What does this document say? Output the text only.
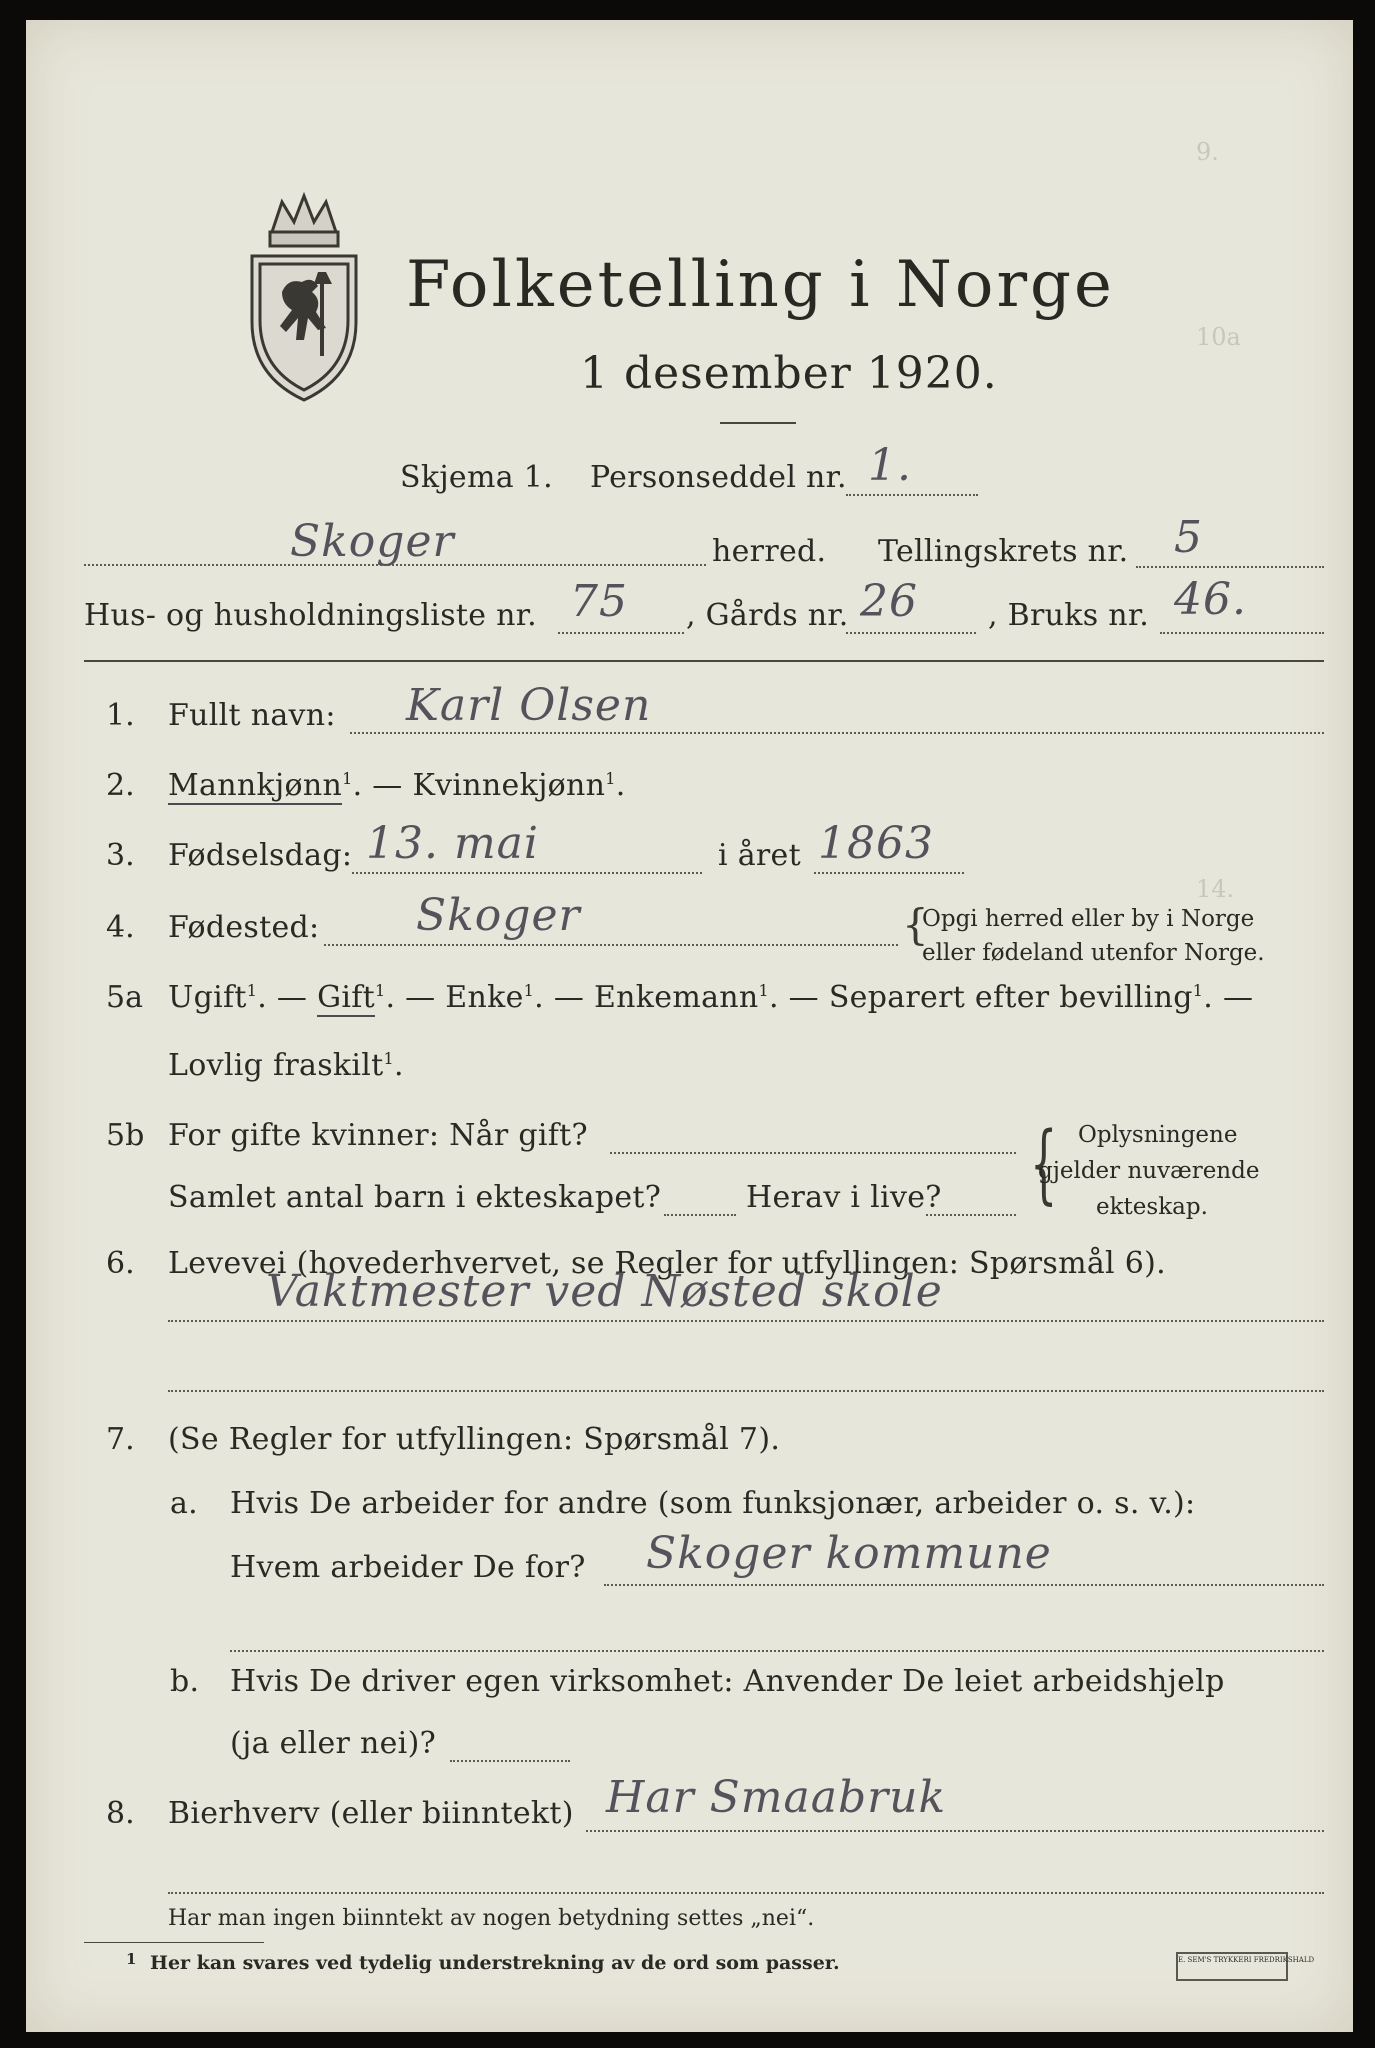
9.
10a
14.
Folketelling i Norge
1 desember 1920.
Skjema 1. Personseddel nr. 1.
Skoger	herred. Tellingskrets nr. 5
Hus- og husholdningsliste nr. 75 , Gårds nr. 26 , Bruks nr. 46.
1. Fullt navn: Karl Olsen
2. Mannkjønn$^1$. — Kvinnekjønn$^1$.
3. Fødselsdag: 13. mai	i året 1863
4. Fødested: Skoger	{
Opgi herred eller by i Norge
eller fødeland utenfor Norge.
5a Ugift$^1$. — Gift$^1$. — Enke$^1$. — Enkemann$^1$. — Separert efter bevilling$^1$. —
Lovlig fraskilt$^1$.
5b For gifte kvinner: Når gift?
Samlet antal barn i ekteskapet?	Herav i live? { Oplysningene
gjelder nuværende
ekteskap.
6. Levevei (hovederhvervet, se Regler for utfyllingen: Spørsmål 6).
Vaktmester ved Nøsted skole
7. (Se Regler for utfyllingen: Spørsmål 7).
a. Hvis De arbeider for andre (som funksjonær, arbeider o. s. v.):
Hvem arbeider De for? Skoger kommune
b. Hvis De driver egen virksomhet: Anvender De leiet arbeidshjelp
(ja eller nei)?
8. Bierhverv (eller biinntekt) Har Smaabruk
Har man ingen biinntekt av nogen betydning settes „nei“.
1 Her kan svares ved tydelig understrekning av de ord som passer.	E. SEM'S TRYKKERI FREDRIKSHALD
